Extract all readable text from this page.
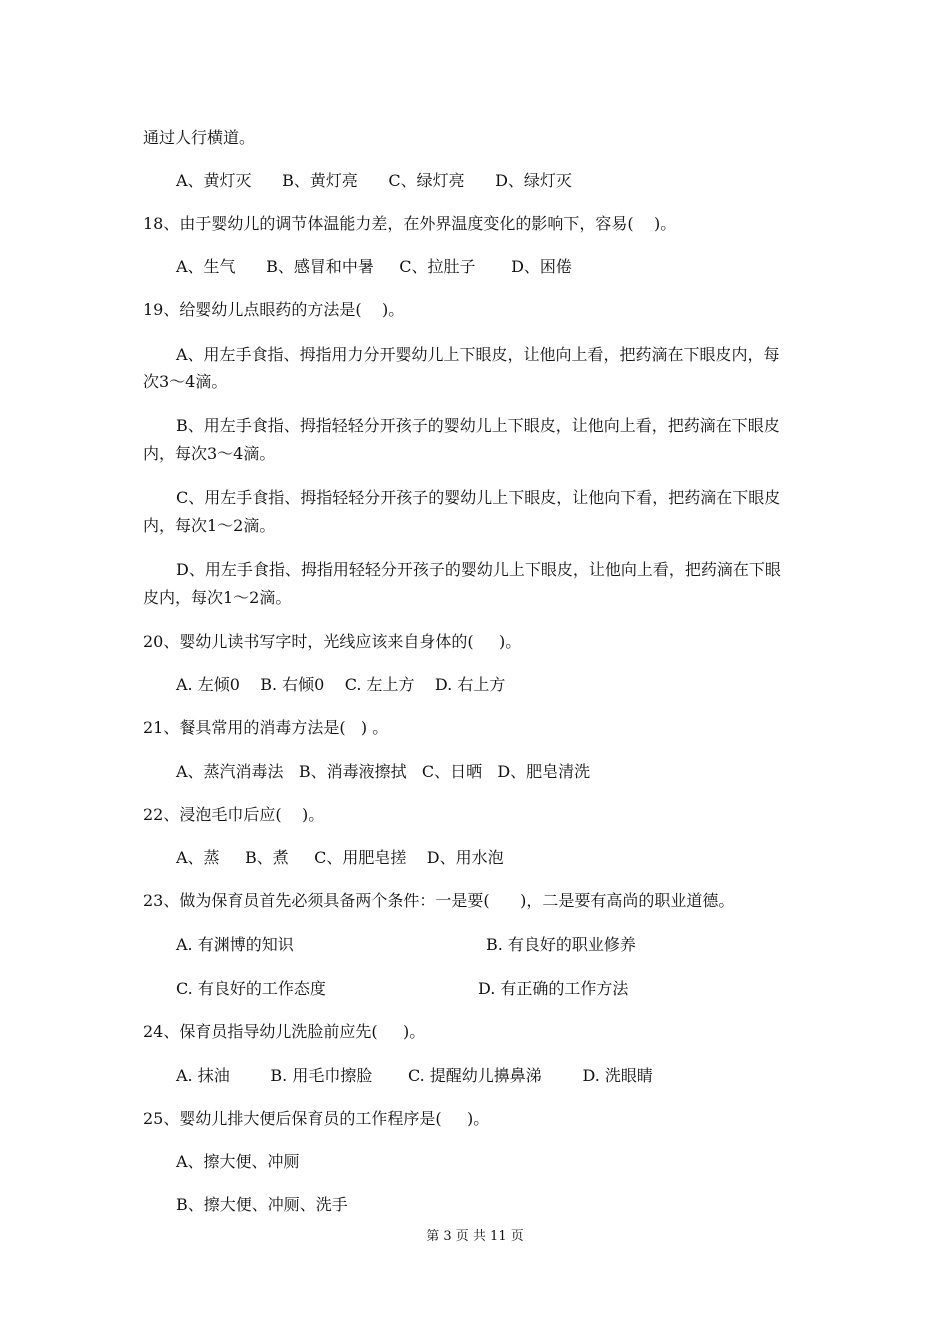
通过人行横道。
A、黄灯灭      B、黄灯亮      C、绿灯亮      D、绿灯灭
18、由于婴幼儿的调节体温能力差，在外界温度变化的影响下，容易(    )。
A、生气      B、感冒和中暑     C、拉肚子       D、困倦
19、给婴幼儿点眼药的方法是(    )。
A、用左手食指、拇指用力分开婴幼儿上下眼皮，让他向上看，把药滴在下眼皮内，每
次3～4滴。
B、用左手食指、拇指轻轻分开孩子的婴幼儿上下眼皮，让他向上看，把药滴在下眼皮
内，每次3～4滴。
C、用左手食指、拇指轻轻分开孩子的婴幼儿上下眼皮，让他向下看，把药滴在下眼皮
内，每次1～2滴。
D、用左手食指、拇指用轻轻分开孩子的婴幼儿上下眼皮，让他向上看，把药滴在下眼
皮内，每次1～2滴。
20、婴幼儿读书写字时，光线应该来自身体的(     )。
A. 左倾0    B. 右倾0    C. 左上方    D. 右上方
21、餐具常用的消毒方法是(   ) 。
A、蒸汽消毒法   B、消毒液擦拭   C、日晒   D、肥皂清洗
22、浸泡毛巾后应(    )。
A、蒸     B、煮     C、用肥皂搓    D、用水泡
23、做为保育员首先必须具备两个条件：一是要(      )，二是要有高尚的职业道德。
A. 有渊博的知识	B. 有良好的职业修养
C. 有良好的工作态度	D. 有正确的工作方法
24、保育员指导幼儿洗脸前应先(     )。
A. 抹油        B. 用毛巾擦脸       C. 提醒幼儿擤鼻涕        D. 洗眼睛
25、婴幼儿排大便后保育员的工作程序是(     )。
A、擦大便、冲厕
B、擦大便、冲厕、洗手
第 3 页 共 11 页
